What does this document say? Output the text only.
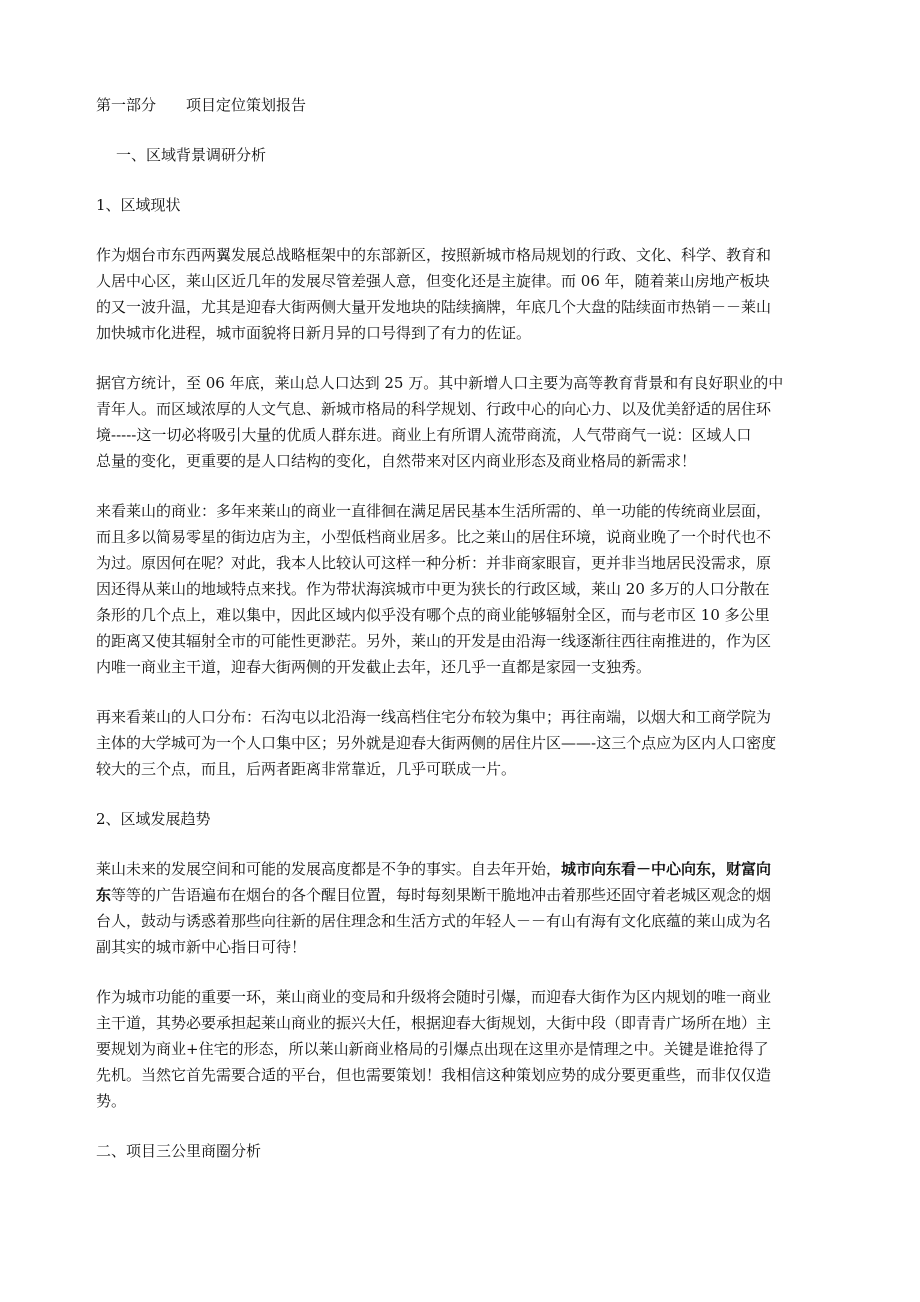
第一部分 项目定位策划报告

一、区域背景调研分析

1、区域现状

作为烟台市东西两翼发展总战略框架中的东部新区，按照新城市格局规划的行政、文化、科学、教育和
人居中心区，莱山区近几年的发展尽管差强人意，但变化还是主旋律。而 06 年，随着莱山房地产板块
的又一波升温，尤其是迎春大街两侧大量开发地块的陆续摘牌，年底几个大盘的陆续面市热销－－莱山
加快城市化进程，城市面貌将日新月异的口号得到了有力的佐证。

据官方统计，至 06 年底，莱山总人口达到 25 万。其中新增人口主要为高等教育背景和有良好职业的中
青年人。而区域浓厚的人文气息、新城市格局的科学规划、行政中心的向心力、以及优美舒适的居住环
境-----这一切必将吸引大量的优质人群东进。商业上有所谓人流带商流，人气带商气一说：区域人口
总量的变化，更重要的是人口结构的变化，自然带来对区内商业形态及商业格局的新需求！

来看莱山的商业：多年来莱山的商业一直徘徊在满足居民基本生活所需的、单一功能的传统商业层面，
而且多以简易零星的街边店为主，小型低档商业居多。比之莱山的居住环境，说商业晚了一个时代也不
为过。原因何在呢？对此，我本人比较认可这样一种分析：并非商家眼盲，更并非当地居民没需求，原
因还得从莱山的地域特点来找。作为带状海滨城市中更为狭长的行政区域，莱山 20 多万的人口分散在
条形的几个点上，难以集中，因此区域内似乎没有哪个点的商业能够辐射全区，而与老市区 10 多公里
的距离又使其辐射全市的可能性更渺茫。另外，莱山的开发是由沿海一线逐渐往西往南推进的，作为区
内唯一商业主干道，迎春大街两侧的开发截止去年，还几乎一直都是家园一支独秀。

再来看莱山的人口分布：石沟屯以北沿海一线高档住宅分布较为集中；再往南端，以烟大和工商学院为
主体的大学城可为一个人口集中区；另外就是迎春大街两侧的居住片区——-这三个点应为区内人口密度
较大的三个点，而且，后两者距离非常靠近，几乎可联成一片。

2、区域发展趋势

莱山未来的发展空间和可能的发展高度都是不争的事实。自去年开始，城市向东看－中心向东，财富向
东等等的广告语遍布在烟台的各个醒目位置，每时每刻果断干脆地冲击着那些还固守着老城区观念的烟
台人，鼓动与诱惑着那些向往新的居住理念和生活方式的年轻人－－有山有海有文化底蕴的莱山成为名
副其实的城市新中心指日可待！

作为城市功能的重要一环，莱山商业的变局和升级将会随时引爆，而迎春大街作为区内规划的唯一商业
主干道，其势必要承担起莱山商业的振兴大任，根据迎春大街规划，大街中段（即青青广场所在地）主
要规划为商业+住宅的形态，所以莱山新商业格局的引爆点出现在这里亦是情理之中。关键是谁抢得了
先机。当然它首先需要合适的平台，但也需要策划！我相信这种策划应势的成分要更重些，而非仅仅造
势。

二、项目三公里商圈分析
